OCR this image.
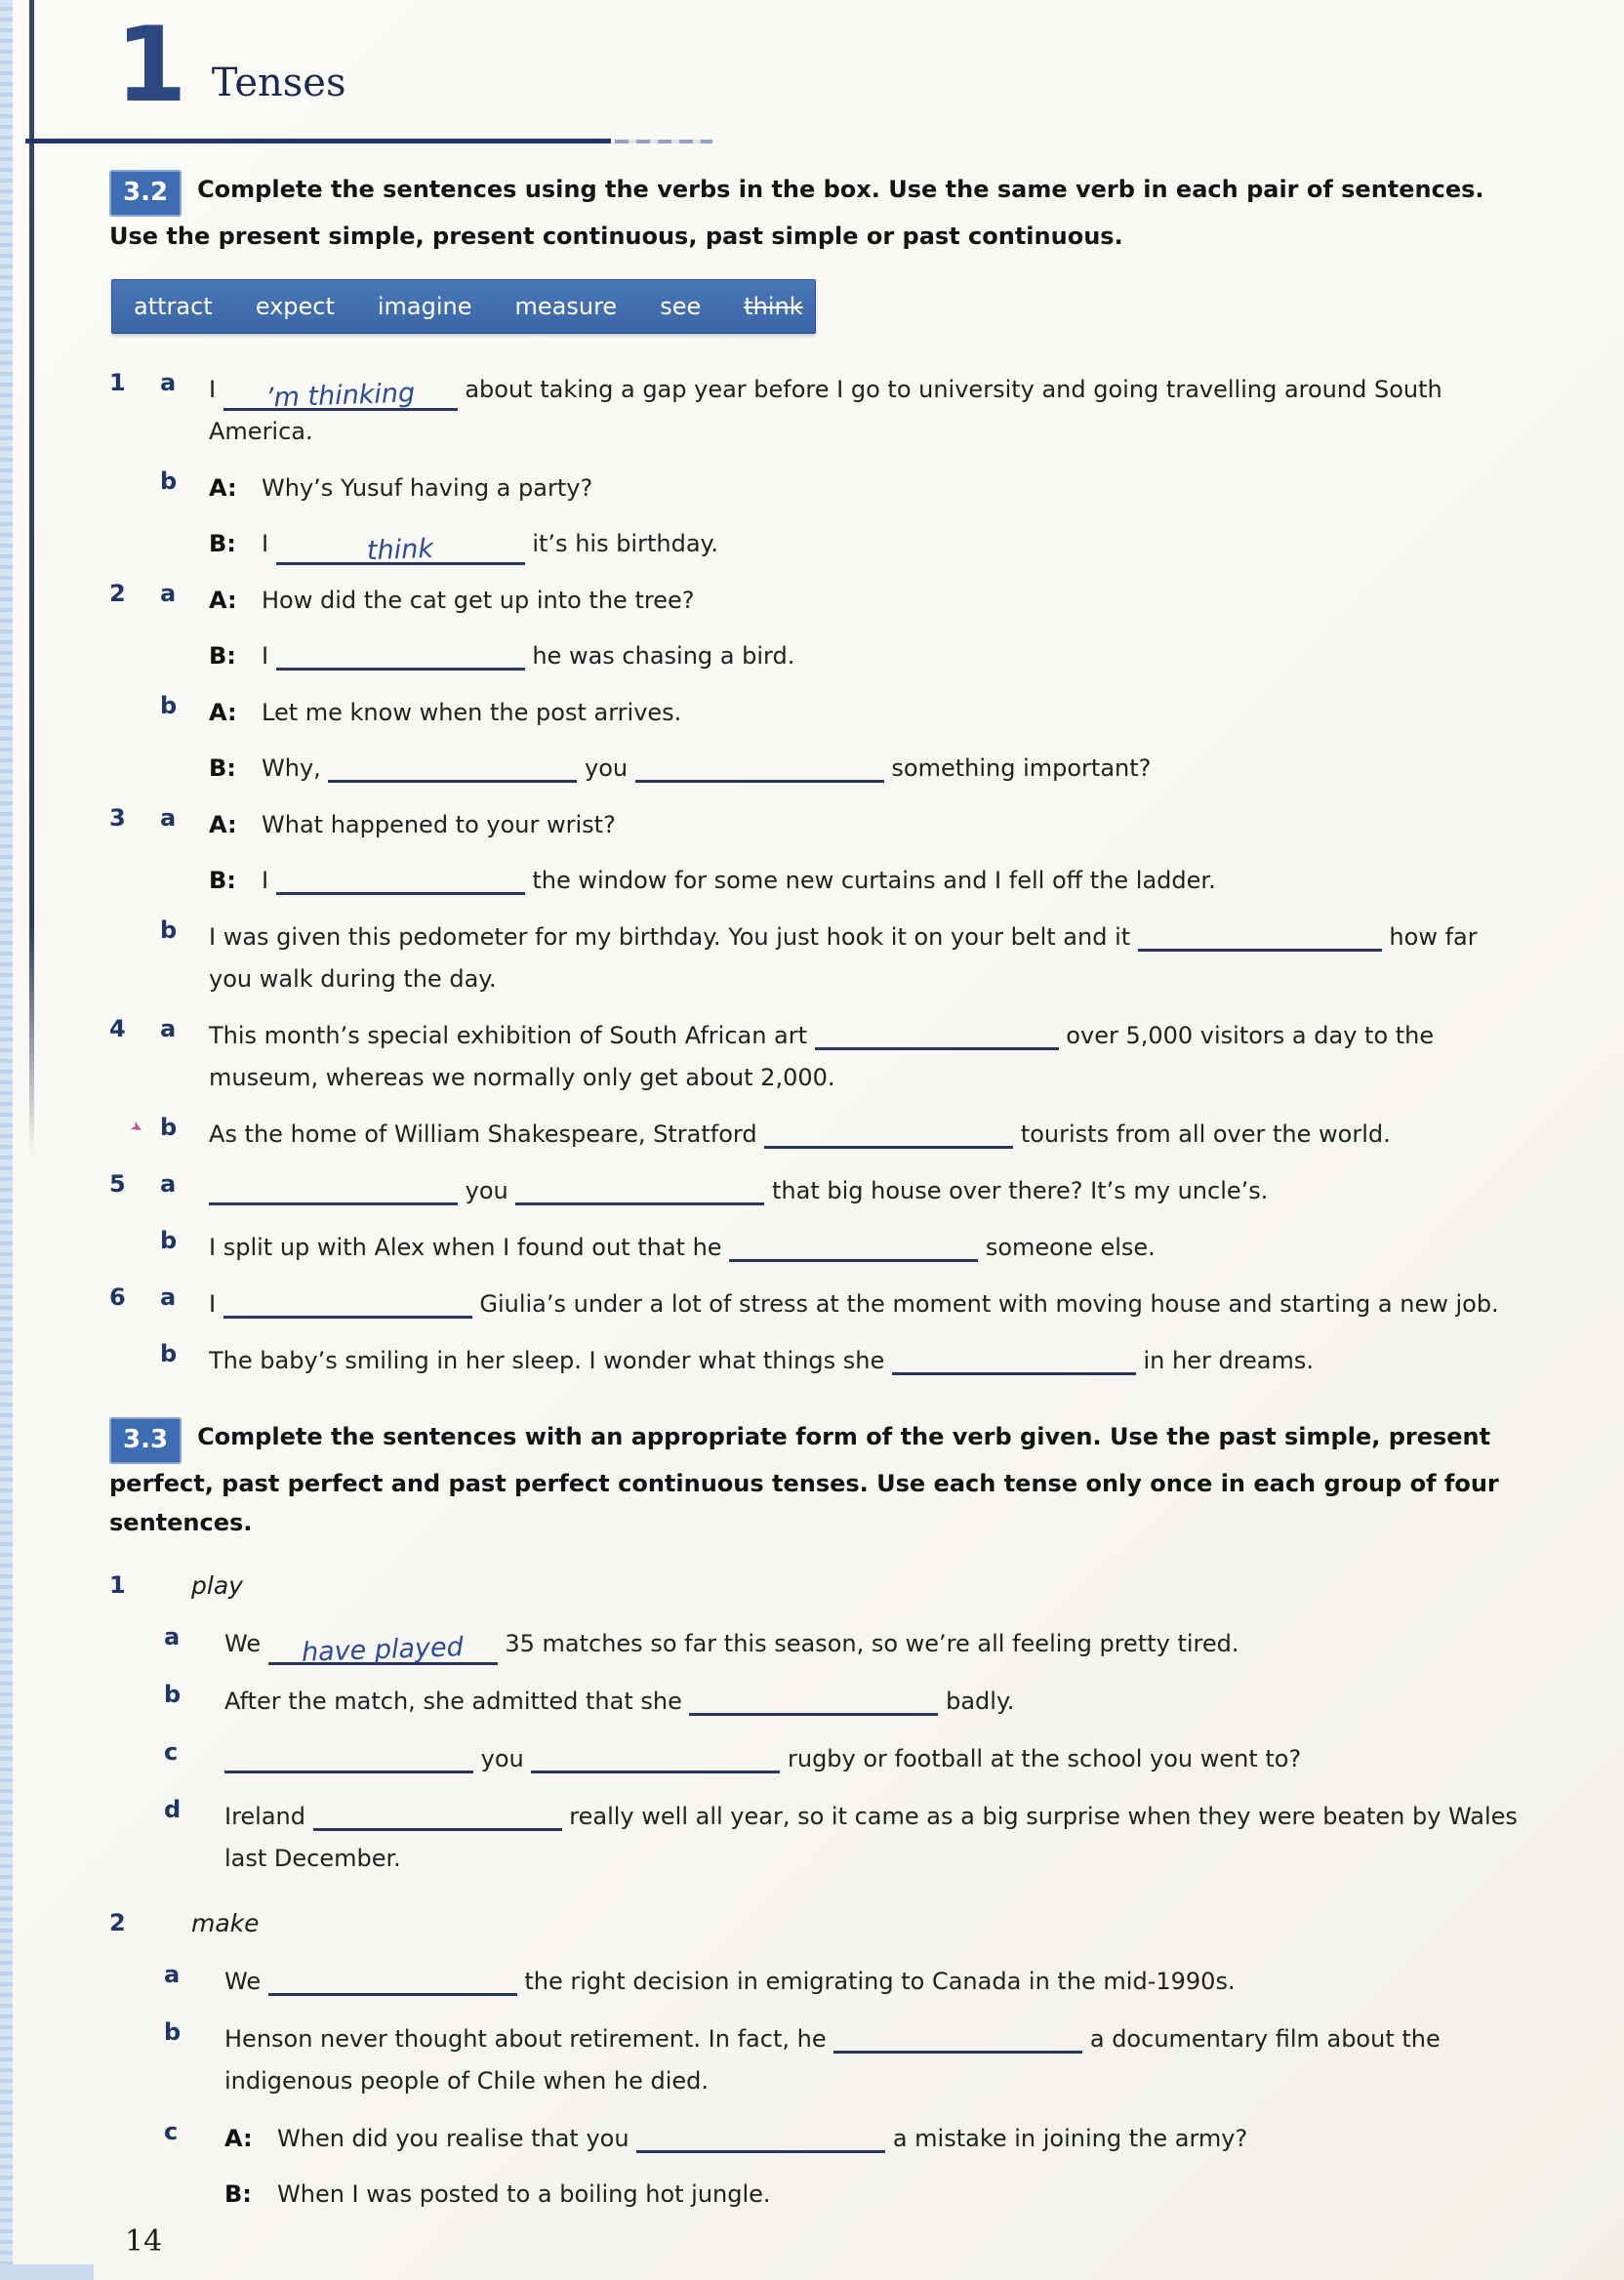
1 Tenses

3.2 Complete the sentences using the verbs in the box. Use the same verb in each pair of sentences. Use the present simple, present continuous, past simple or past continuous.

attract expect imagine measure see think
1	a	I ’m thinking about taking a gap year before I go to university and going travelling around South America.
b	A:	Why’s Yusuf having a party?
B:	I	think	it’s his birthday.
2	a	A:	How did the cat get up into the tree?
B:	I	he was chasing a bird.
b	A:	Let me know when the post arrives.
B:	Why,	you	something important?
3	a	A:	What happened to your wrist?
B:	I	the window for some new curtains and I fell off the ladder.
b	I was given this pedometer for my birthday. You just hook it on your belt and it	how far you walk during the day.
4	a	This month’s special exhibition of South African art	over 5,000 visitors a day to the museum, whereas we normally only get about 2,000.
b
➤	As the home of William Shakespeare, Stratford	tourists from all over the world.
5	a	you	that big house over there? It’s my uncle’s.
b	I split up with Alex when I found out that he	someone else.
6	a	I	Giulia’s under a lot of stress at the moment with moving house and starting a new job.
b	The baby’s smiling in her sleep. I wonder what things she	in her dreams.

3.3 Complete the sentences with an appropriate form of the verb given. Use the past simple, present perfect, past perfect and past perfect continuous tenses. Use each tense only once in each group of four sentences.

1	play
a	We have played 35 matches so far this season, so we’re all feeling pretty tired.
b	After the match, she admitted that she	badly.
c	you	rugby or football at the school you went to?
d	Ireland	really well all year, so it came as a big surprise when they were beaten by Wales last December.
2	make
a	We	the right decision in emigrating to Canada in the mid-1990s.
b	Henson never thought about retirement. In fact, he	a documentary film about the indigenous people of Chile when he died.
c	A:	When did you realise that you	a mistake in joining the army?
B:	When I was posted to a boiling hot jungle.
14
